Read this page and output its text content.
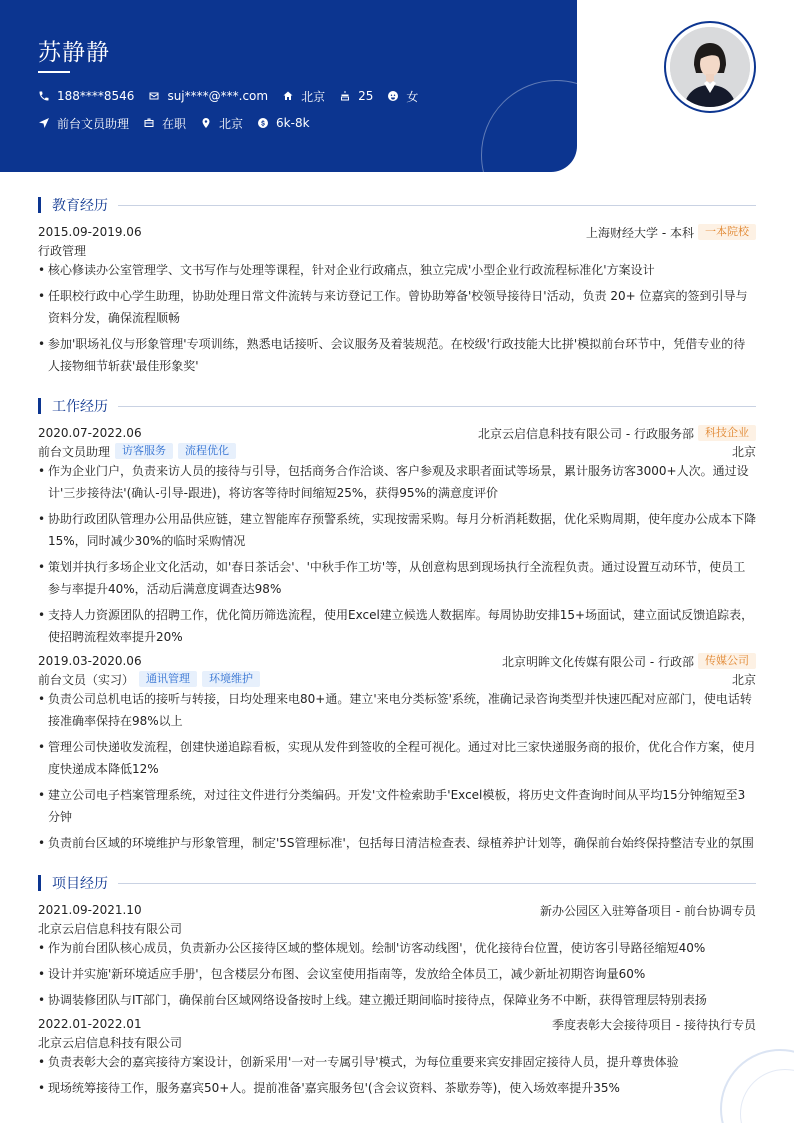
苏静静
188****8546	suj****@***.com	北京	25	女
前台文员助理	在职	北京	6k-8k
教育经历
2015.09-2019.06	上海财经大学 - 本科	一本院校
行政管理
• 核心修读办公室管理学、文书写作与处理等课程，针对企业行政痛点，独立完成'小型企业行政流程标准化'方案设计
• 任职校行政中心学生助理，协助处理日常文件流转与来访登记工作。曾协助筹备'校领导接待日'活动，负责 20+ 位嘉宾的签到引导与资料分发，确保流程顺畅
• 参加'职场礼仪与形象管理'专项训练，熟悉电话接听、会议服务及着装规范。在校级'行政技能大比拼'模拟前台环节中，凭借专业的待人接物细节斩获'最佳形象奖'
工作经历
2020.07-2022.06	北京云启信息科技有限公司 - 行政服务部	科技企业
前台文员助理	访客服务	流程优化	北京
• 作为企业门户，负责来访人员的接待与引导，包括商务合作洽谈、客户参观及求职者面试等场景，累计服务访客3000+人次。通过设计'三步接待法'(确认-引导-跟进)，将访客等待时间缩短25%，获得95%的满意度评价
• 协助行政团队管理办公用品供应链，建立智能库存预警系统，实现按需采购。每月分析消耗数据，优化采购周期，使年度办公成本下降15%，同时减少30%的临时采购情况
• 策划并执行多场企业文化活动，如'春日茶话会'、'中秋手作工坊'等，从创意构思到现场执行全流程负责。通过设置互动环节，使员工参与率提升40%，活动后满意度调查达98%
• 支持人力资源团队的招聘工作，优化简历筛选流程，使用Excel建立候选人数据库。每周协助安排15+场面试，建立面试反馈追踪表，使招聘流程效率提升20%
2019.03-2020.06	北京明眸文化传媒有限公司 - 行政部	传媒公司
前台文员（实习）	通讯管理	环境维护	北京
• 负责公司总机电话的接听与转接，日均处理来电80+通。建立'来电分类标签'系统，准确记录咨询类型并快速匹配对应部门，使电话转接准确率保持在98%以上
• 管理公司快递收发流程，创建快递追踪看板，实现从发件到签收的全程可视化。通过对比三家快递服务商的报价，优化合作方案，使月度快递成本降低12%
• 建立公司电子档案管理系统，对过往文件进行分类编码。开发'文件检索助手'Excel模板，将历史文件查询时间从平均15分钟缩短至3分钟
• 负责前台区域的环境维护与形象管理，制定'5S管理标准'，包括每日清洁检查表、绿植养护计划等，确保前台始终保持整洁专业的氛围
项目经历
2021.09-2021.10	新办公园区入驻筹备项目 - 前台协调专员
北京云启信息科技有限公司
• 作为前台团队核心成员，负责新办公区接待区域的整体规划。绘制'访客动线图'，优化接待台位置，使访客引导路径缩短40%
• 设计并实施'新环境适应手册'，包含楼层分布图、会议室使用指南等，发放给全体员工，减少新址初期咨询量60%
• 协调装修团队与IT部门，确保前台区域网络设备按时上线。建立搬迁期间临时接待点，保障业务不中断，获得管理层特别表扬
2022.01-2022.01	季度表彰大会接待项目 - 接待执行专员
北京云启信息科技有限公司
• 负责表彰大会的嘉宾接待方案设计，创新采用'一对一专属引导'模式，为每位重要来宾安排固定接待人员，提升尊贵体验
• 现场统筹接待工作，服务嘉宾50+人。提前准备'嘉宾服务包'(含会议资料、茶歇券等)，使入场效率提升35%
